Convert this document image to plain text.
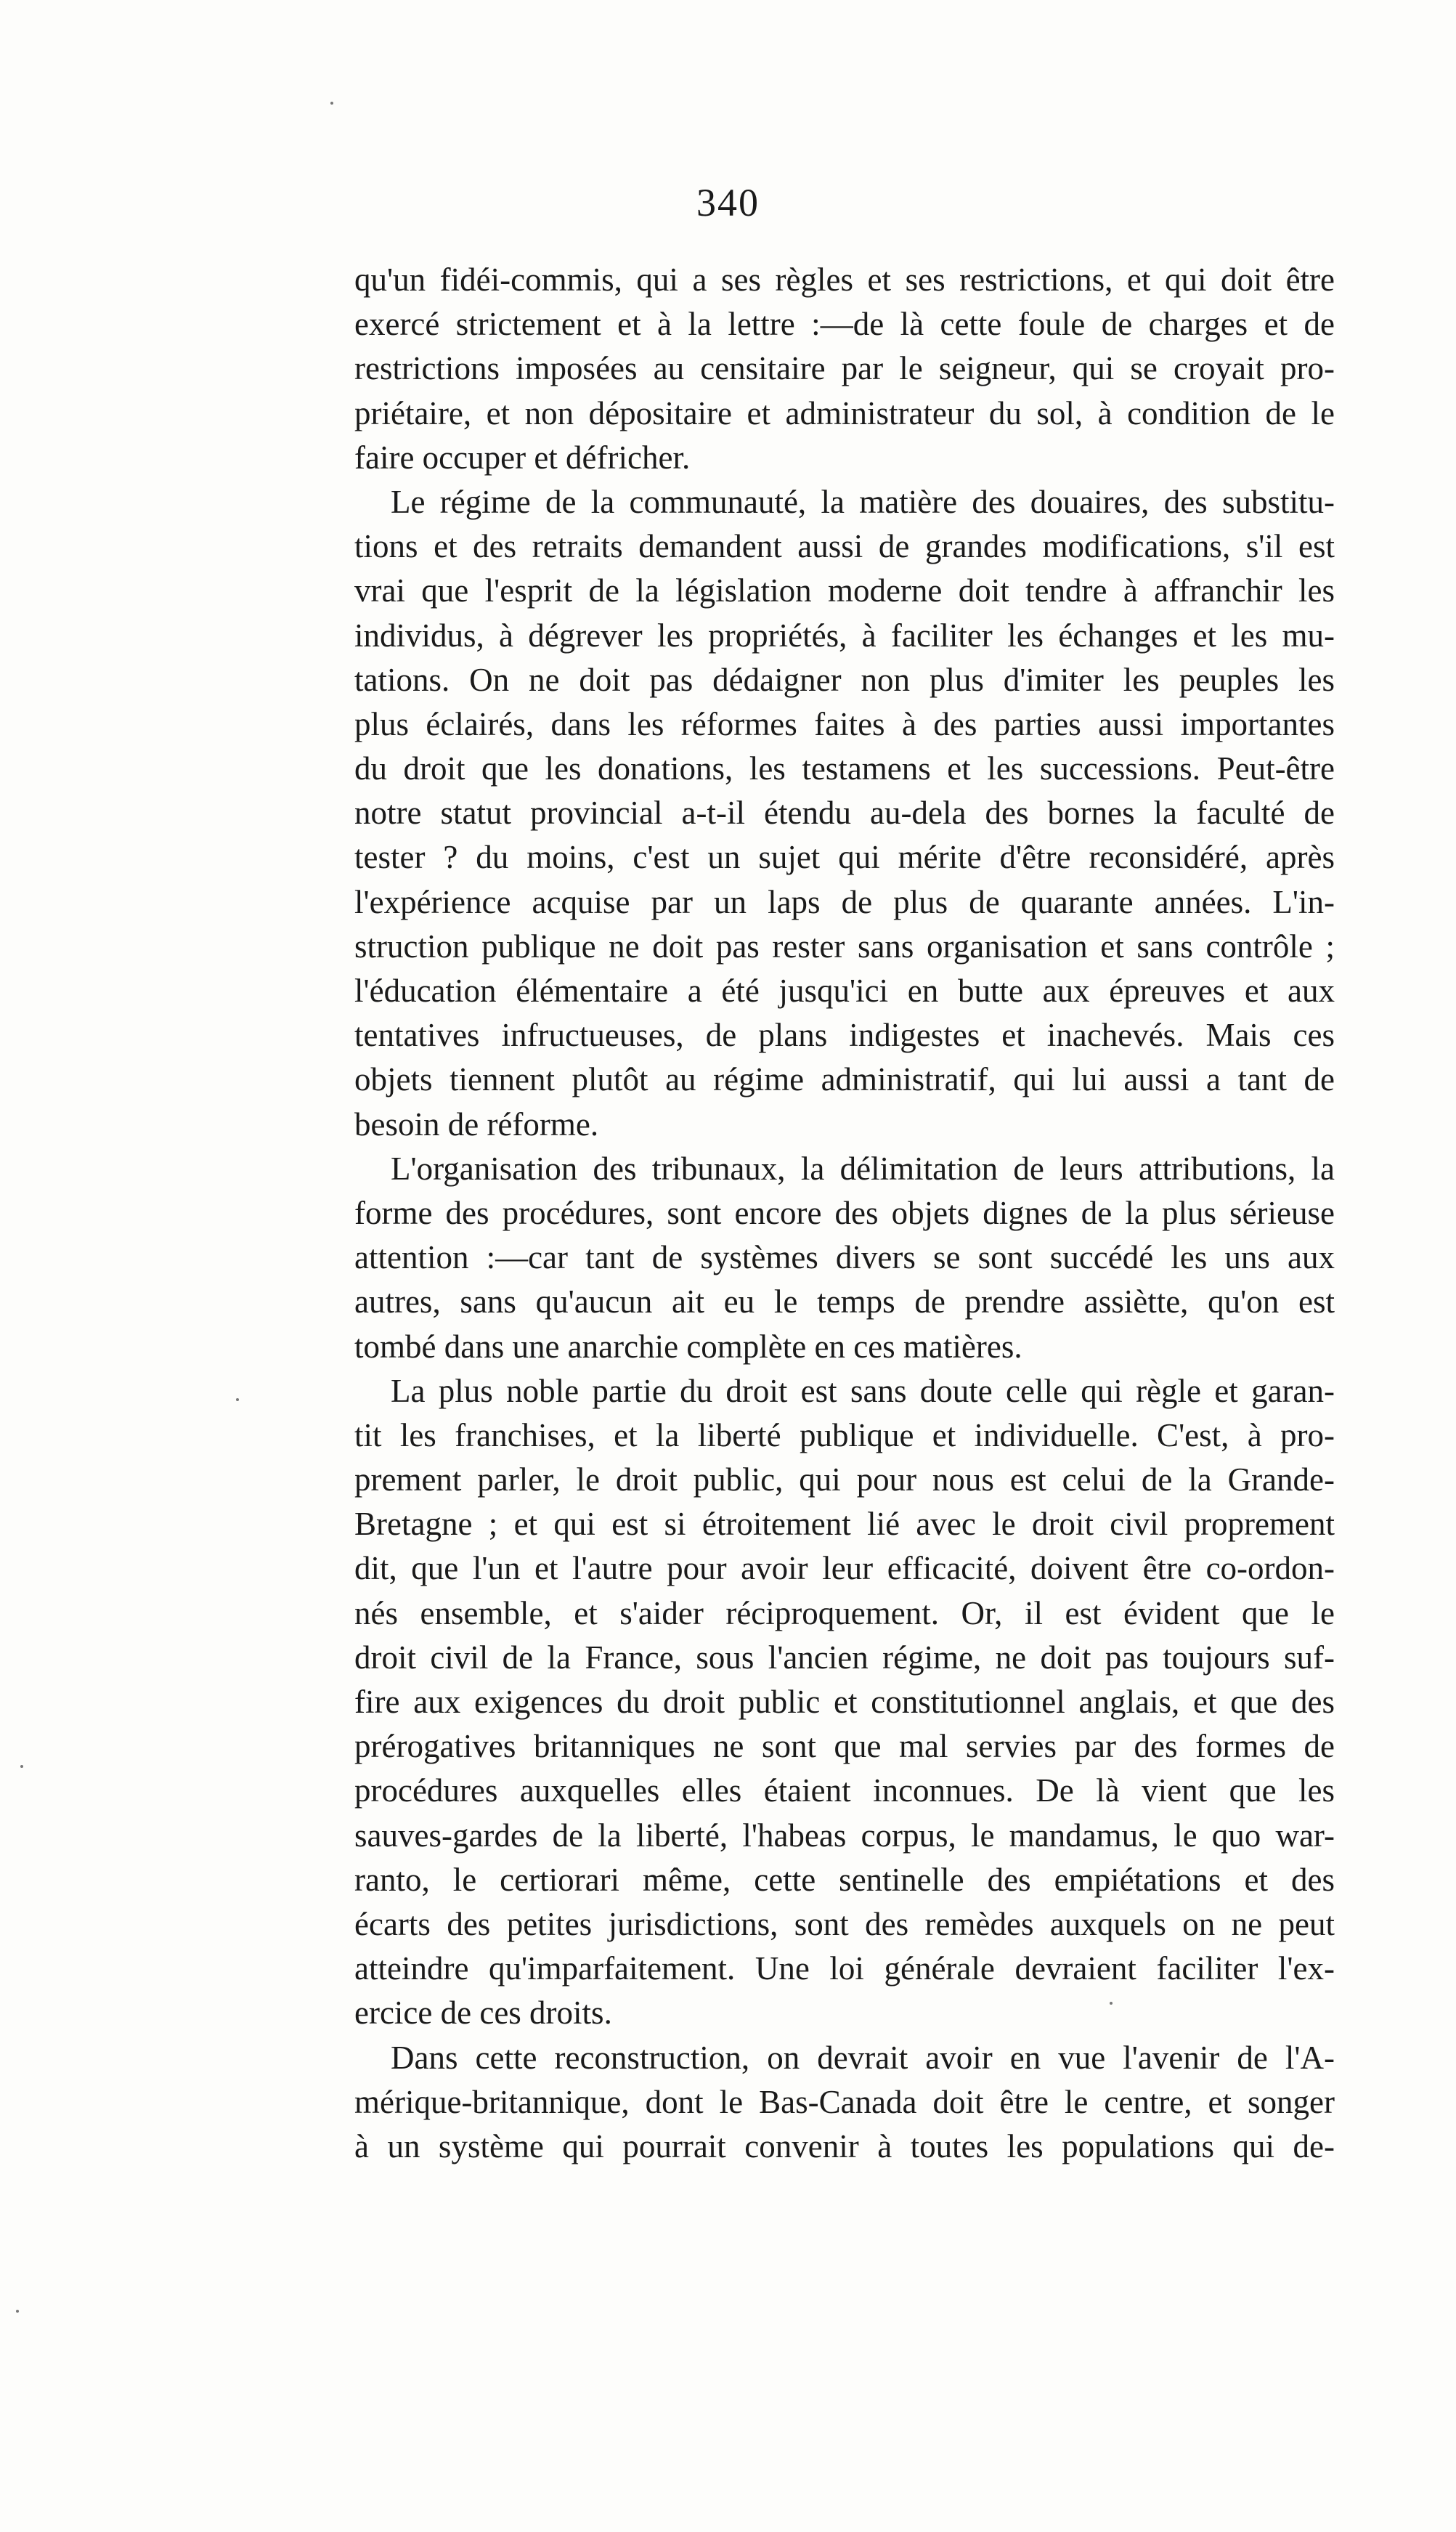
340
qu'un fidéi-commis, qui a ses règles et ses restrictions, et qui doit être
exercé strictement et à la lettre :—de là cette foule de charges et de
restrictions imposées au censitaire par le seigneur, qui se croyait pro-
priétaire, et non dépositaire et administrateur du sol, à condition de le
faire occuper et défricher.
Le régime de la communauté, la matière des douaires, des substitu-
tions et des retraits demandent aussi de grandes modifications, s'il est
vrai que l'esprit de la législation moderne doit tendre à affranchir les
individus, à dégrever les propriétés, à faciliter les échanges et les mu-
tations. On ne doit pas dédaigner non plus d'imiter les peuples les
plus éclairés, dans les réformes faites à des parties aussi importantes
du droit que les donations, les testamens et les successions. Peut-être
notre statut provincial a-t-il étendu au-dela des bornes la faculté de
tester ? du moins, c'est un sujet qui mérite d'être reconsidéré, après
l'expérience acquise par un laps de plus de quarante années. L'in-
struction publique ne doit pas rester sans organisation et sans contrôle ;
l'éducation élémentaire a été jusqu'ici en butte aux épreuves et aux
tentatives infructueuses, de plans indigestes et inachevés. Mais ces
objets tiennent plutôt au régime administratif, qui lui aussi a tant de
besoin de réforme.
L'organisation des tribunaux, la délimitation de leurs attributions, la
forme des procédures, sont encore des objets dignes de la plus sérieuse
attention :—car tant de systèmes divers se sont succédé les uns aux
autres, sans qu'aucun ait eu le temps de prendre assiètte, qu'on est
tombé dans une anarchie complète en ces matières.
La plus noble partie du droit est sans doute celle qui règle et garan-
tit les franchises, et la liberté publique et individuelle. C'est, à pro-
prement parler, le droit public, qui pour nous est celui de la Grande-
Bretagne ; et qui est si étroitement lié avec le droit civil proprement
dit, que l'un et l'autre pour avoir leur efficacité, doivent être co-ordon-
nés ensemble, et s'aider réciproquement. Or, il est évident que le
droit civil de la France, sous l'ancien régime, ne doit pas toujours suf-
fire aux exigences du droit public et constitutionnel anglais, et que des
prérogatives britanniques ne sont que mal servies par des formes de
procédures auxquelles elles étaient inconnues. De là vient que les
sauves-gardes de la liberté, l'habeas corpus, le mandamus, le quo war-
ranto, le certiorari même, cette sentinelle des empiétations et des
écarts des petites jurisdictions, sont des remèdes auxquels on ne peut
atteindre qu'imparfaitement. Une loi générale devraient faciliter l'ex-
ercice de ces droits.
Dans cette reconstruction, on devrait avoir en vue l'avenir de l'A-
mérique-britannique, dont le Bas-Canada doit être le centre, et songer
à un système qui pourrait convenir à toutes les populations qui de-
